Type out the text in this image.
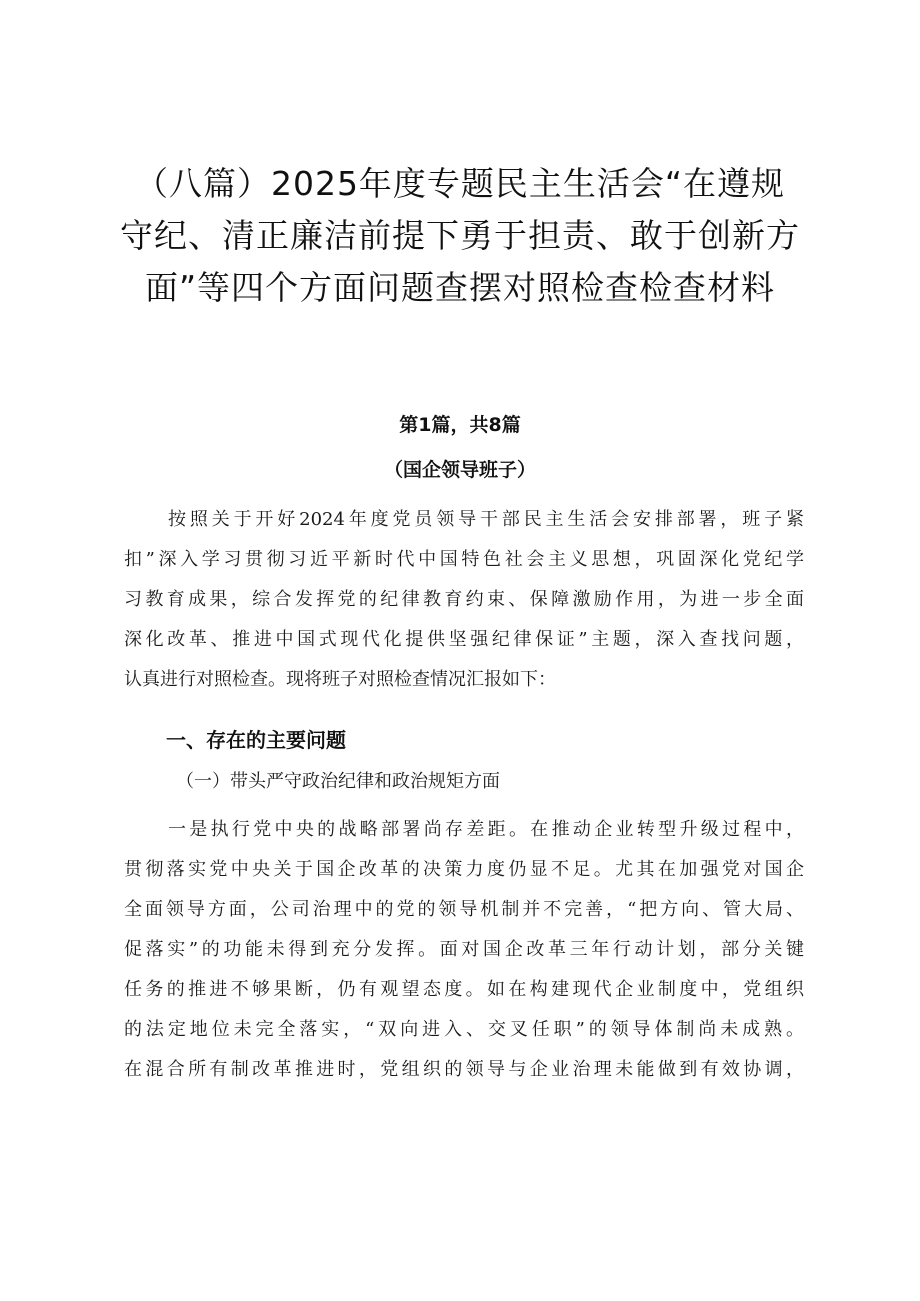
（八篇）2025年度专题民主生活会“在遵规
守纪、清正廉洁前提下勇于担责、敢于创新方
面”等四个方面问题查摆对照检查检查材料
第1篇，共8篇
（国企领导班子）
按照关于开好2024年度党员领导干部民主生活会安排部署，班子紧
扣”深入学习贯彻习近平新时代中国特色社会主义思想，巩固深化党纪学
习教育成果，综合发挥党的纪律教育约束、保障激励作用，为进一步全面
深化改革、推进中国式现代化提供坚强纪律保证”主题，深入查找问题，
认真进行对照检查。现将班子对照检查情况汇报如下：
一、存在的主要问题
（一）带头严守政治纪律和政治规矩方面
一是执行党中央的战略部署尚存差距。在推动企业转型升级过程中，
贯彻落实党中央关于国企改革的决策力度仍显不足。尤其在加强党对国企
全面领导方面，公司治理中的党的领导机制并不完善，“把方向、管大局、
促落实”的功能未得到充分发挥。面对国企改革三年行动计划，部分关键
任务的推进不够果断，仍有观望态度。如在构建现代企业制度中，党组织
的法定地位未完全落实，“双向进入、交叉任职”的领导体制尚未成熟。
在混合所有制改革推进时，党组织的领导与企业治理未能做到有效协调，
